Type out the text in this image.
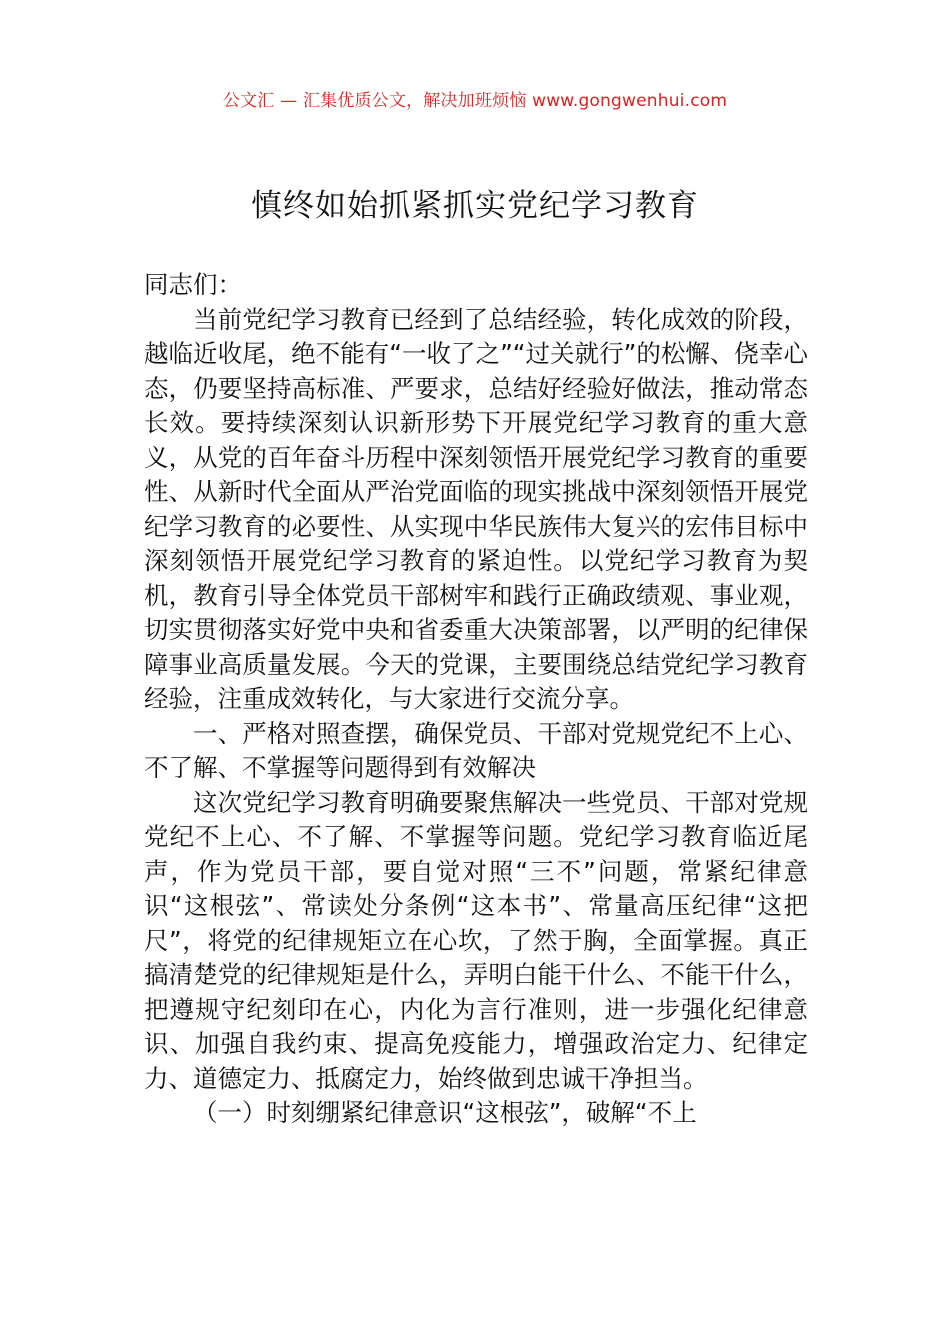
公文汇 — 汇集优质公文，解决加班烦恼 www.gongwenhui.com
慎终如始抓紧抓实党纪学习教育

同志们：

当前党纪学习教育已经到了总结经验，转化成效的阶段，越临近收尾，绝不能有“一收了之”“过关就行”的松懈、侥幸心态，仍要坚持高标准、严要求，总结好经验好做法，推动常态长效。要持续深刻认识新形势下开展党纪学习教育的重大意义，从党的百年奋斗历程中深刻领悟开展党纪学习教育的重要性、从新时代全面从严治党面临的现实挑战中深刻领悟开展党纪学习教育的必要性、从实现中华民族伟大复兴的宏伟目标中深刻领悟开展党纪学习教育的紧迫性。以党纪学习教育为契机，教育引导全体党员干部树牢和践行正确政绩观、事业观，切实贯彻落实好党中央和省委重大决策部署，以严明的纪律保障事业高质量发展。今天的党课，主要围绕总结党纪学习教育经验，注重成效转化，与大家进行交流分享。

一、严格对照查摆，确保党员、干部对党规党纪不上心、不了解、不掌握等问题得到有效解决

这次党纪学习教育明确要聚焦解决一些党员、干部对党规党纪不上心、不了解、不掌握等问题。党纪学习教育临近尾声，作为党员干部，要自觉对照“三不”问题，常紧纪律意识“这根弦”、常读处分条例“这本书”、常量高压纪律“这把尺”，将党的纪律规矩立在心坎，了然于胸，全面掌握。真正搞清楚党的纪律规矩是什么，弄明白能干什么、不能干什么，把遵规守纪刻印在心，内化为言行准则，进一步强化纪律意识、加强自我约束、提高免疫能力，增强政治定力、纪律定力、道德定力、抵腐定力，始终做到忠诚干净担当。

（一）时刻绷紧纪律意识“这根弦”，破解“不上
